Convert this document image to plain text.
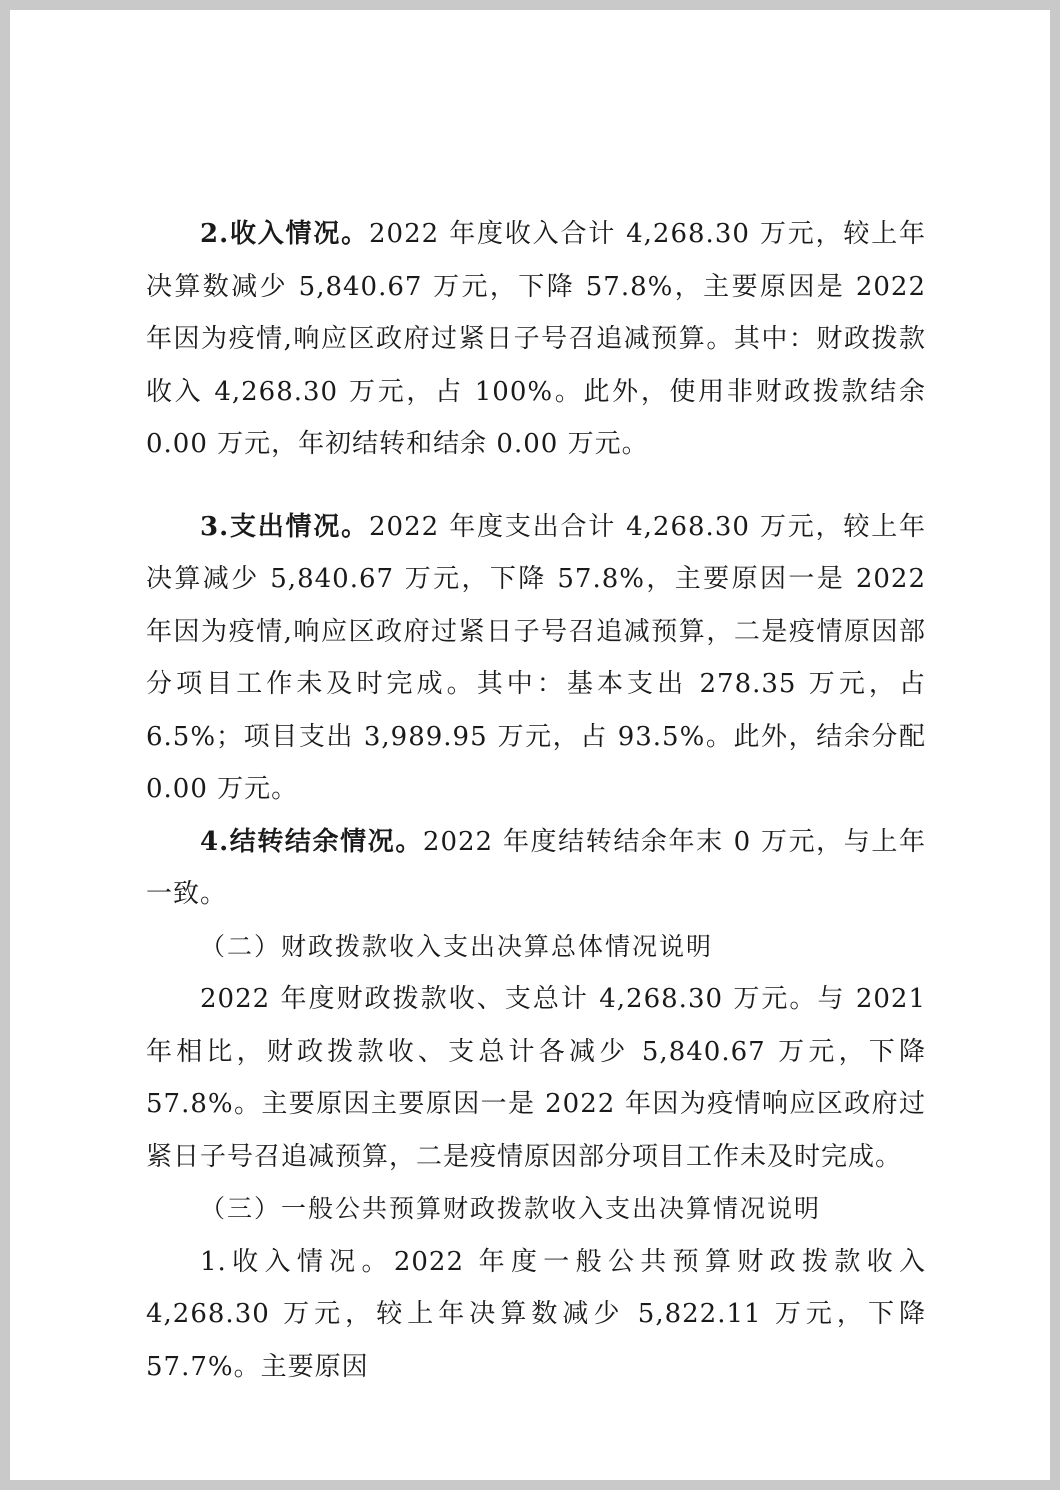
2.收入情况。2022 年度收入合计 4,268.30 万元，较上年决算数减少 5,840.67 万元，下降 57.8%，主要原因是 2022 年因为疫情,响应区政府过紧日子号召追减预算。其中：财政拨款收入 4,268.30 万元，占 100%。此外，使用非财政拨款结余 0.00 万元，年初结转和结余 0.00 万元。

3.支出情况。2022 年度支出合计 4,268.30 万元，较上年决算减少 5,840.67 万元，下降 57.8%，主要原因一是 2022 年因为疫情,响应区政府过紧日子号召追减预算，二是疫情原因部分项目工作未及时完成。其中：基本支出 278.35 万元，占 6.5%；项目支出 3,989.95 万元，占 93.5%。此外，结余分配 0.00 万元。

4.结转结余情况。2022 年度结转结余年末 0 万元，与上年一致。

（二）财政拨款收入支出决算总体情况说明

2022 年度财政拨款收、支总计 4,268.30 万元。与 2021 年相比，财政拨款收、支总计各减少 5,840.67 万元，下降 57.8%。主要原因主要原因一是 2022 年因为疫情响应区政府过紧日子号召追减预算，二是疫情原因部分项目工作未及时完成。

（三）一般公共预算财政拨款收入支出决算情况说明

1.收入情况。2022 年度一般公共预算财政拨款收入 4,268.30 万元，较上年决算数减少 5,822.11 万元，下降 57.7%。主要原因
